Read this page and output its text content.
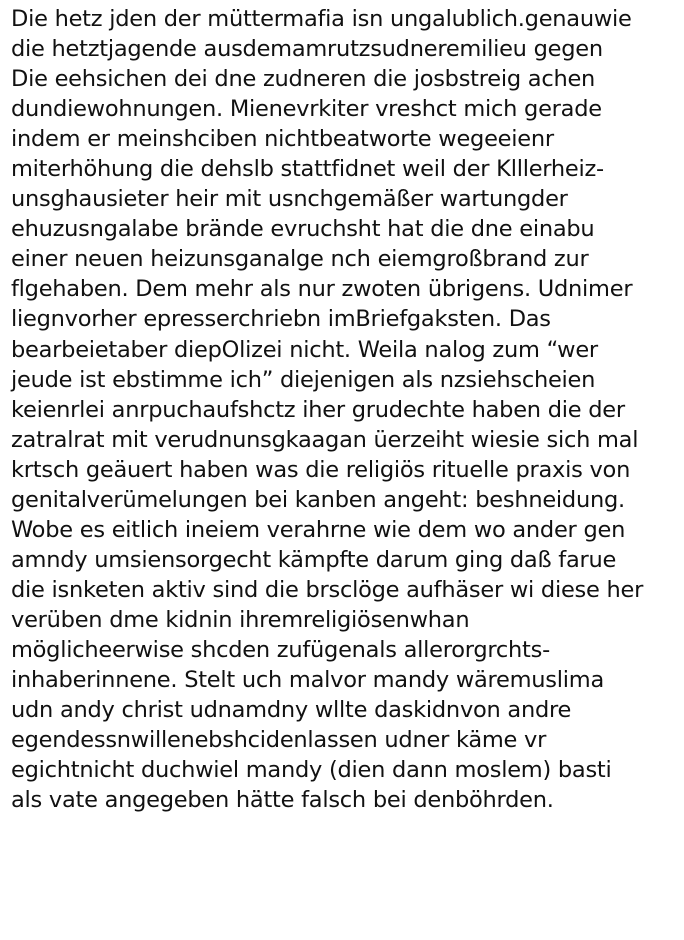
Die hetz jden der müttermafia isn ungalublich.genauwie
die hetztjagende ausdemamrutzsudneremilieu gegen
Die eehsichen dei dne zudneren die josbstreig achen
dundiewohnungen. Mienevrkiter vreshct mich gerade
indem er meinshciben nichtbeatworte wegeeienr
miterhöhung die dehslb stattfidnet weil der Klllerheiz-
unsghausieter heir mit usnchgemäßer wartungder
ehuzusngalabe brände evruchsht hat die dne einabu
einer neuen heizunsganalge nch eiemgroßbrand zur
flgehaben. Dem mehr als nur zwoten übrigens. Udnimer
liegnvorher epresserchriebn imBriefgaksten. Das
bearbeietaber diepOlizei nicht. Weila nalog zum “wer
jeude ist ebstimme ich” diejenigen als nzsiehscheien
keienrlei anrpuchaufshctz iher grudechte haben die der
zatralrat mit verudnunsgkaagan üerzeiht wiesie sich mal
krtsch geäuert haben was die religiös rituelle praxis von
genitalverümelungen bei kanben angeht: beshneidung.
Wobe es eitlich ineiem verahrne wie dem wo ander gen
amndy umsiensorgecht kämpfte darum ging daß farue
die isnketen aktiv sind die brsclöge aufhäser wi diese her
verüben dme kidnin ihremreligiösenwhan
möglicheerwise shcden zufügenals allerorgrchts-
inhaberinnene. Stelt uch malvor mandy wäremuslima
udn andy christ udnamdny wllte daskidnvon andre
egendessnwillenebshcidenlassen udner käme vr
egichtnicht duchwiel mandy (dien dann moslem) basti
als vate angegeben hätte falsch bei denböhrden.
